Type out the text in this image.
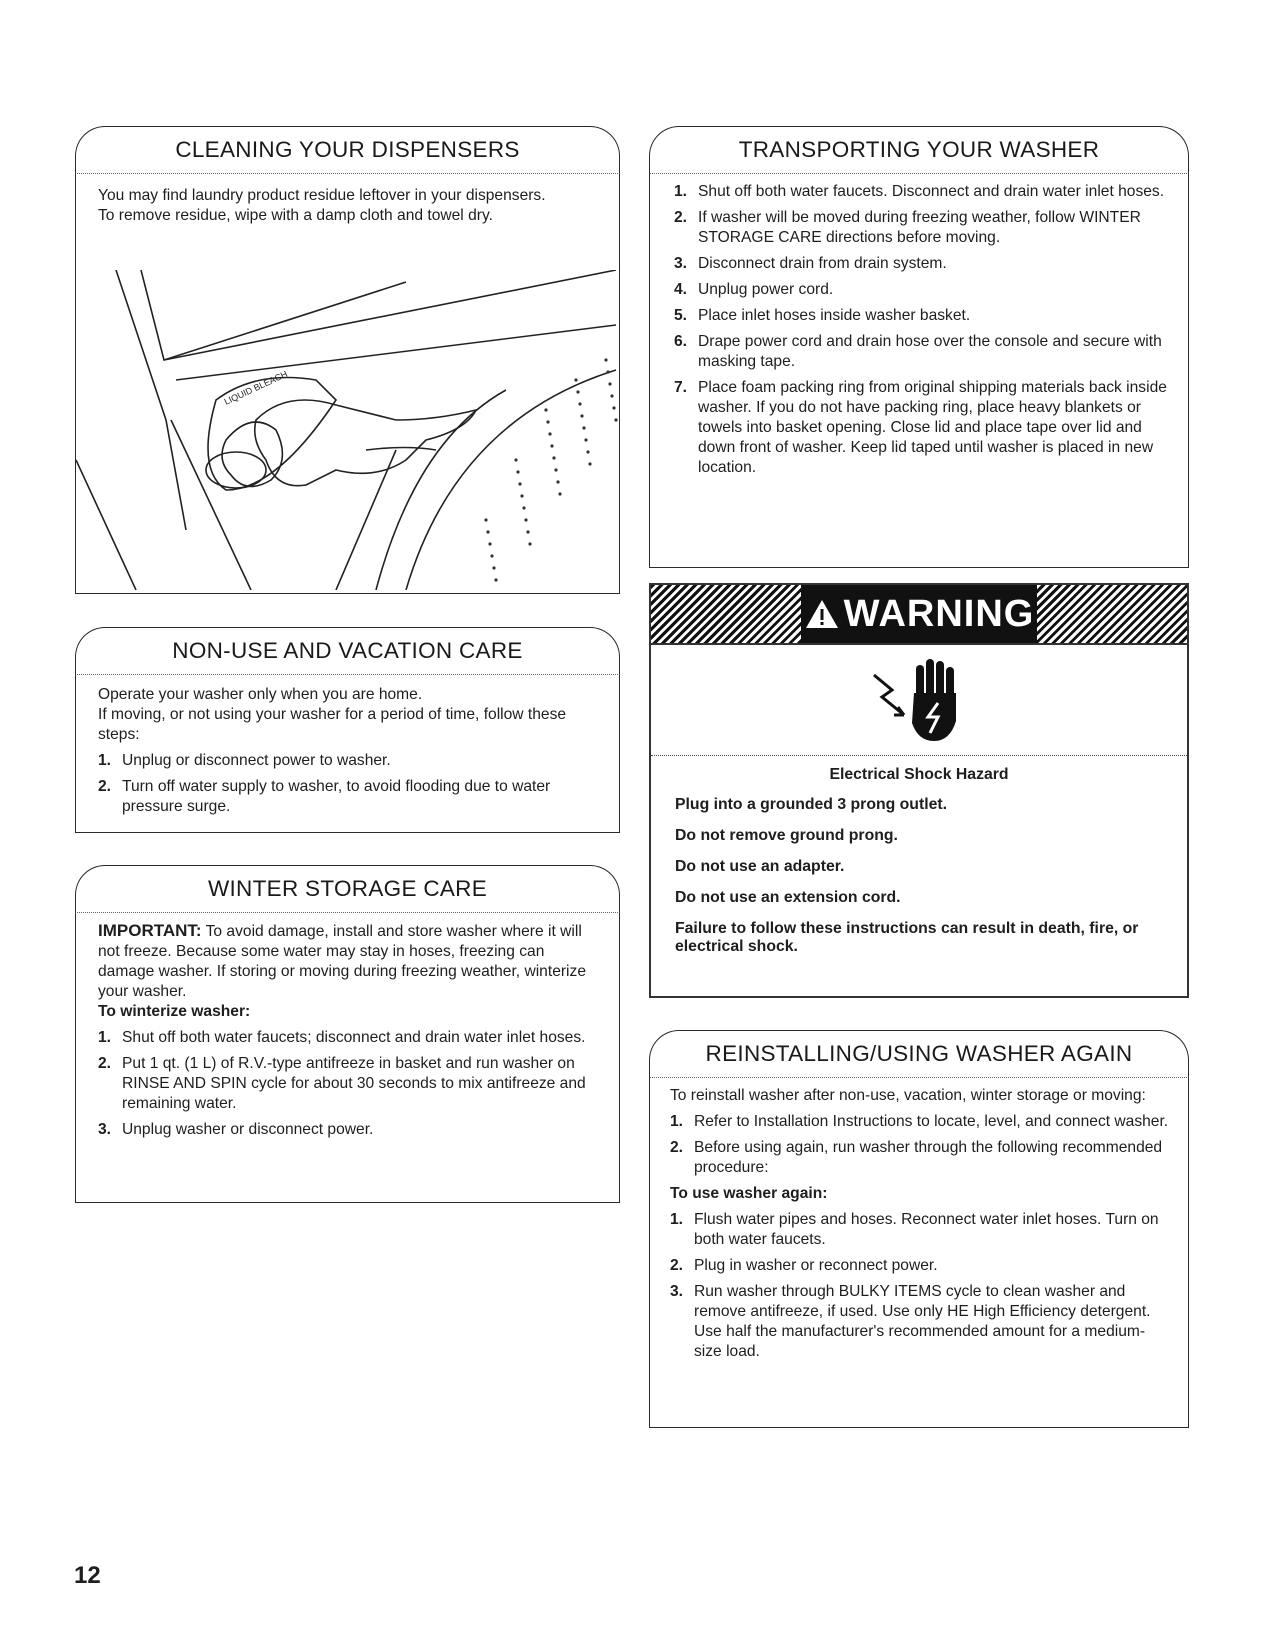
CLEANING YOUR DISPENSERS

You may find laundry product residue leftover in your dispensers. To remove residue, wipe with a damp cloth and towel dry.

LIQUID BLEACH
NON-USE AND VACATION CARE

Operate your washer only when you are home.

If moving, or not using your washer for a period of time, follow these steps:

1. Unplug or disconnect power to washer.
2. Turn off water supply to washer, to avoid flooding due to water pressure surge.
WINTER STORAGE CARE

IMPORTANT: To avoid damage, install and store washer where it will not freeze. Because some water may stay in hoses, freezing can damage washer. If storing or moving during freezing weather, winterize your washer.

To winterize washer:

1. Shut off both water faucets; disconnect and drain water inlet hoses.
2. Put 1 qt. (1 L) of R.V.-type antifreeze in basket and run washer on RINSE AND SPIN cycle for about 30 seconds to mix antifreeze and remaining water.
3. Unplug washer or disconnect power.
TRANSPORTING YOUR WASHER
1. Shut off both water faucets. Disconnect and drain water inlet hoses.
2. If washer will be moved during freezing weather, follow WINTER STORAGE CARE directions before moving.
3. Disconnect drain from drain system.
4. Unplug power cord.
5. Place inlet hoses inside washer basket.
6. Drape power cord and drain hose over the console and secure with masking tape.
7. Place foam packing ring from original shipping materials back inside washer. If you do not have packing ring, place heavy blankets or towels into basket opening. Close lid and place tape over lid and down front of washer. Keep lid taped until washer is placed in new location.
WARNING

Electrical Shock Hazard

Plug into a grounded 3 prong outlet.

Do not remove ground prong.

Do not use an adapter.

Do not use an extension cord.

Failure to follow these instructions can result in death, fire, or electrical shock.

REINSTALLING/USING WASHER AGAIN

To reinstall washer after non-use, vacation, winter storage or moving:

1. Refer to Installation Instructions to locate, level, and connect washer.
2. Before using again, run washer through the following recommended procedure:

To use washer again:

1. Flush water pipes and hoses. Reconnect water inlet hoses. Turn on both water faucets.
2. Plug in washer or reconnect power.
3. Run washer through BULKY ITEMS cycle to clean washer and remove antifreeze, if used. Use only HE High Efficiency detergent. Use half the manufacturer's recommended amount for a medium-size load.
12
